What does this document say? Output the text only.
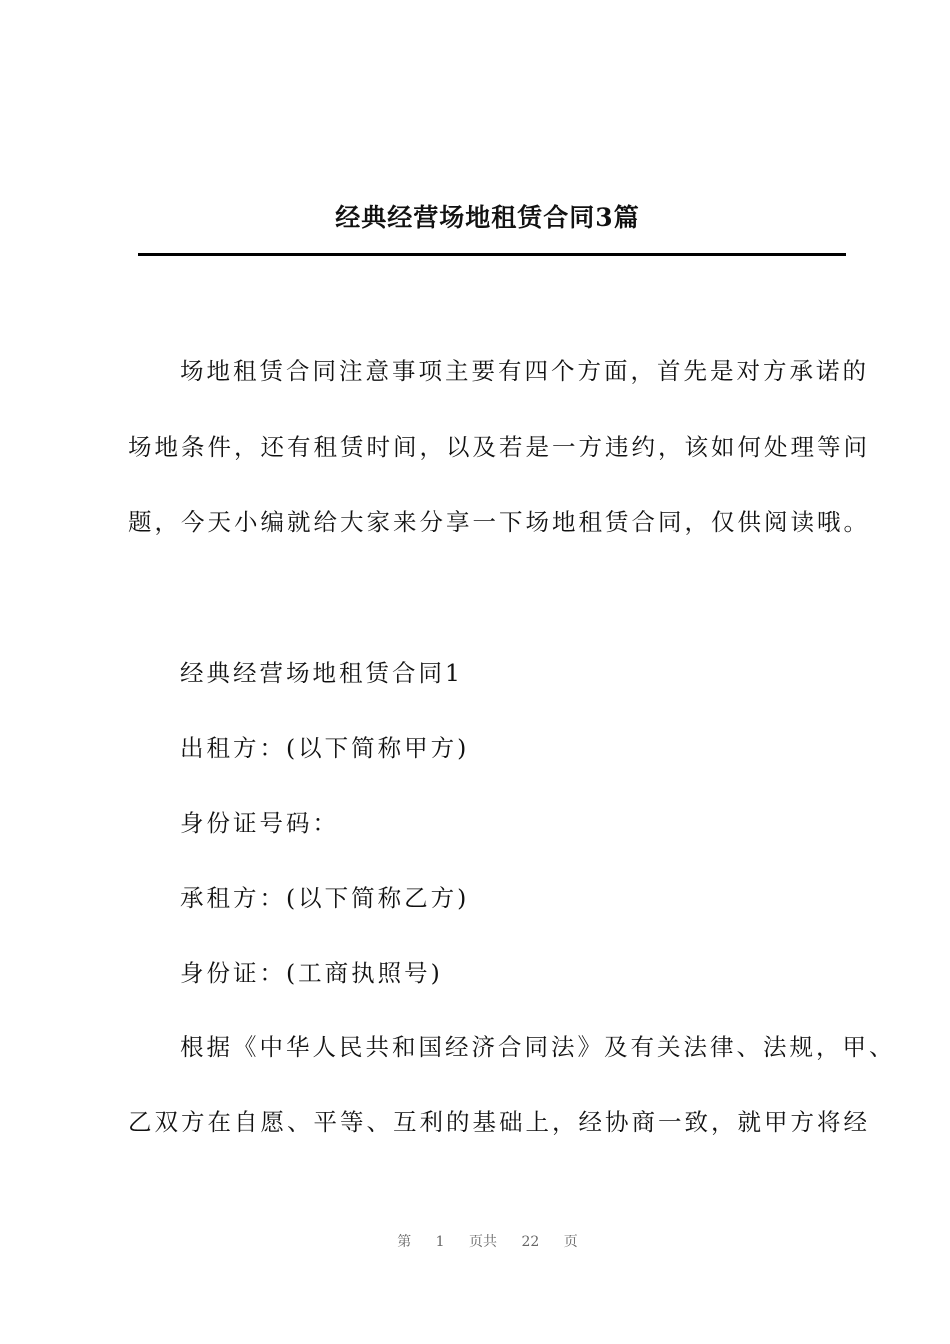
经典经营场地租赁合同3篇
场地租赁合同注意事项主要有四个方面，首先是对方承诺的
场地条件，还有租赁时间，以及若是一方违约，该如何处理等问
题，今天小编就给大家来分享一下场地租赁合同，仅供阅读哦。
经典经营场地租赁合同1
出租方：(以下简称甲方)
身份证号码：
承租方：(以下简称乙方)
身份证：(工商执照号)
根据《中华人民共和国经济合同法》及有关法律、法规，甲、
乙双方在自愿、平等、互利的基础上，经协商一致，就甲方将经
第 1 页共 22 页
